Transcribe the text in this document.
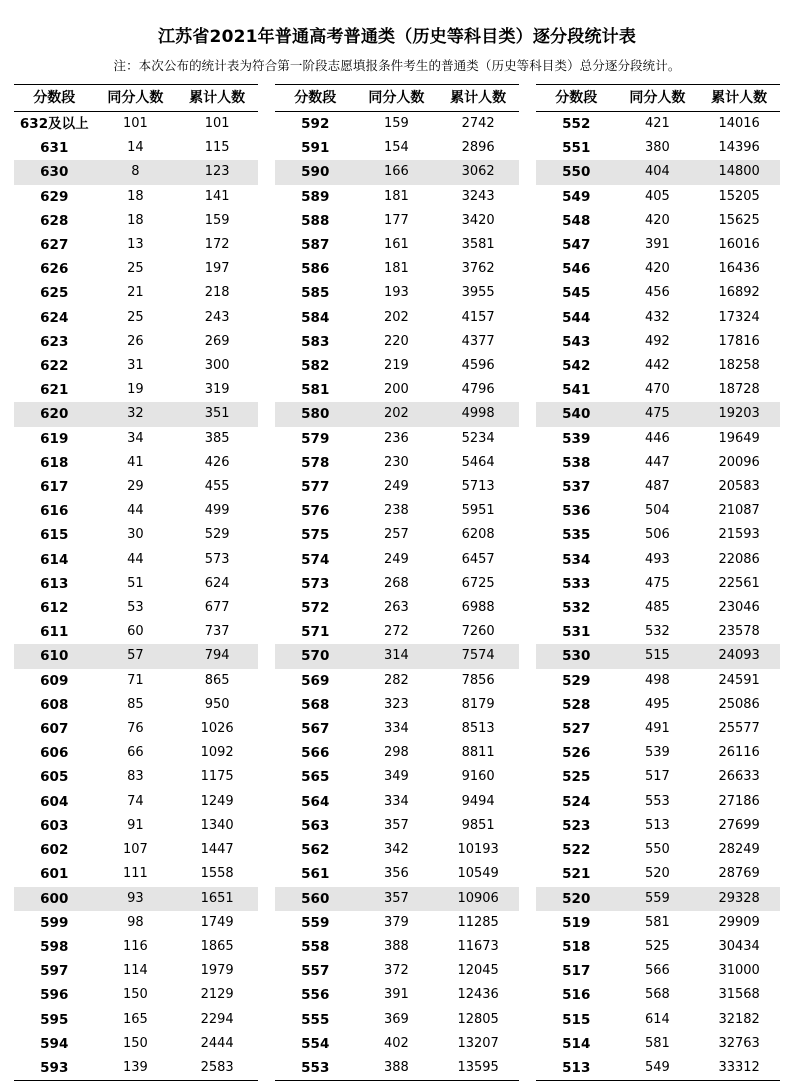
江苏省2021年普通高考普通类（历史等科目类）逐分段统计表
注：本次公布的统计表为符合第一阶段志愿填报条件考生的普通类（历史等科目类）总分逐分段统计。
分数段	同分人数	累计人数
632及以上	101	101
631	14	115
630	8	123
629	18	141
628	18	159
627	13	172
626	25	197
625	21	218
624	25	243
623	26	269
622	31	300
621	19	319
620	32	351
619	34	385
618	41	426
617	29	455
616	44	499
615	30	529
614	44	573
613	51	624
612	53	677
611	60	737
610	57	794
609	71	865
608	85	950
607	76	1026
606	66	1092
605	83	1175
604	74	1249
603	91	1340
602	107	1447
601	111	1558
600	93	1651
599	98	1749
598	116	1865
597	114	1979
596	150	2129
595	165	2294
594	150	2444
593	139	2583
分数段	同分人数	累计人数
592	159	2742
591	154	2896
590	166	3062
589	181	3243
588	177	3420
587	161	3581
586	181	3762
585	193	3955
584	202	4157
583	220	4377
582	219	4596
581	200	4796
580	202	4998
579	236	5234
578	230	5464
577	249	5713
576	238	5951
575	257	6208
574	249	6457
573	268	6725
572	263	6988
571	272	7260
570	314	7574
569	282	7856
568	323	8179
567	334	8513
566	298	8811
565	349	9160
564	334	9494
563	357	9851
562	342	10193
561	356	10549
560	357	10906
559	379	11285
558	388	11673
557	372	12045
556	391	12436
555	369	12805
554	402	13207
553	388	13595
分数段	同分人数	累计人数
552	421	14016
551	380	14396
550	404	14800
549	405	15205
548	420	15625
547	391	16016
546	420	16436
545	456	16892
544	432	17324
543	492	17816
542	442	18258
541	470	18728
540	475	19203
539	446	19649
538	447	20096
537	487	20583
536	504	21087
535	506	21593
534	493	22086
533	475	22561
532	485	23046
531	532	23578
530	515	24093
529	498	24591
528	495	25086
527	491	25577
526	539	26116
525	517	26633
524	553	27186
523	513	27699
522	550	28249
521	520	28769
520	559	29328
519	581	29909
518	525	30434
517	566	31000
516	568	31568
515	614	32182
514	581	32763
513	549	33312
